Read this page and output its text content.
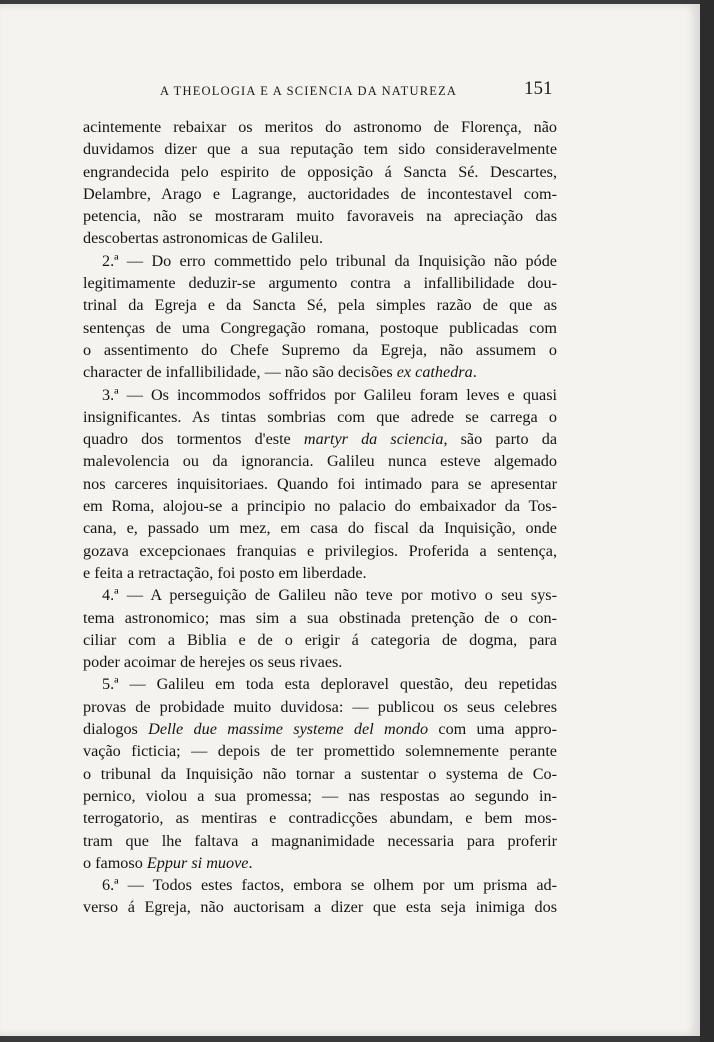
A THEOLOGIA E A SCIENCIA DA NATUREZA	151
acintemente rebaixar os meritos do astronomo de Florença, não
duvidamos dizer que a sua reputação tem sido consideravelmente
engrandecida pelo espirito de opposição á Sancta Sé. Descartes,
Delambre, Arago e Lagrange, auctoridades de incontestavel com-
petencia, não se mostraram muito favoraveis na apreciação das
descobertas astronomicas de Galileu.
2.ª — Do erro commettido pelo tribunal da Inquisição não póde
legitimamente deduzir-se argumento contra a infallibilidade dou-
trinal da Egreja e da Sancta Sé, pela simples razão de que as
sentenças de uma Congregação romana, postoque publicadas com
o assentimento do Chefe Supremo da Egreja, não assumem o
character de infallibilidade, — não são decisões ex cathedra.
3.ª — Os incommodos soffridos por Galileu foram leves e quasi
insignificantes. As tintas sombrias com que adrede se carrega o
quadro dos tormentos d'este martyr da sciencia, são parto da
malevolencia ou da ignorancia. Galileu nunca esteve algemado
nos carceres inquisitoriaes. Quando foi intimado para se apresentar
em Roma, alojou-se a principio no palacio do embaixador da Tos-
cana, e, passado um mez, em casa do fiscal da Inquisição, onde
gozava excepcionaes franquias e privilegios. Proferida a sentença,
e feita a retractação, foi posto em liberdade.
4.ª — A perseguição de Galileu não teve por motivo o seu sys-
tema astronomico; mas sim a sua obstinada pretenção de o con-
ciliar com a Biblia e de o erigir á categoria de dogma, para
poder acoimar de herejes os seus rivaes.
5.ª — Galileu em toda esta deploravel questão, deu repetidas
provas de probidade muito duvidosa: — publicou os seus celebres
dialogos Delle due massime systeme del mondo com uma appro-
vação ficticia; — depois de ter promettido solemnemente perante
o tribunal da Inquisição não tornar a sustentar o systema de Co-
pernico, violou a sua promessa; — nas respostas ao segundo in-
terrogatorio, as mentiras e contradicções abundam, e bem mos-
tram que lhe faltava a magnanimidade necessaria para proferir
o famoso Eppur si muove.
6.ª — Todos estes factos, embora se olhem por um prisma ad-
verso á Egreja, não auctorisam a dizer que esta seja inimiga dos
